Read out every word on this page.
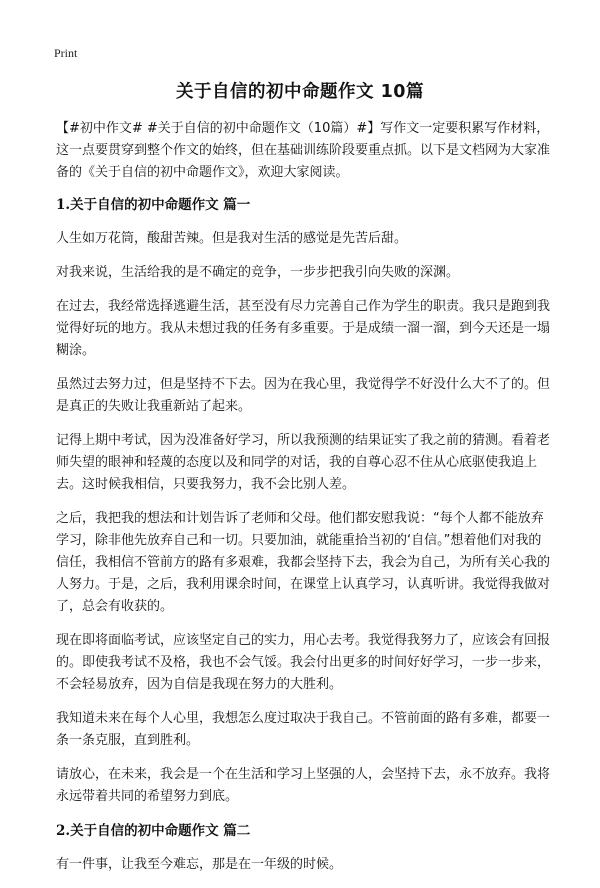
Print
关于自信的初中命题作文 10篇

【#初中作文# #关于自信的初中命题作文（10篇）#】写作文一定要积累写作材料，这一点要贯穿到整个作文的始终，但在基础训练阶段要重点抓。以下是文档网为大家准备的《关于自信的初中命题作文》，欢迎大家阅读。

1.关于自信的初中命题作文 篇一

人生如万花筒，酸甜苦辣。但是我对生活的感觉是先苦后甜。

对我来说，生活给我的是不确定的竞争，一步步把我引向失败的深渊。

在过去，我经常选择逃避生活，甚至没有尽力完善自己作为学生的职责。我只是跑到我觉得好玩的地方。我从未想过我的任务有多重要。于是成绩一溜一溜，到今天还是一塌糊涂。

虽然过去努力过，但是坚持不下去。因为在我心里，我觉得学不好没什么大不了的。但是真正的失败让我重新站了起来。

记得上期中考试，因为没准备好学习，所以我预测的结果证实了我之前的猜测。看着老师失望的眼神和轻蔑的态度以及和同学的对话，我的自尊心忍不住从心底驱使我追上去。这时候我相信，只要我努力，我不会比别人差。

之后，我把我的想法和计划告诉了老师和父母。他们都安慰我说：“每个人都不能放弃学习，除非他先放弃自己和一切。只要加油，就能重拾当初的‘自信。”想着他们对我的信任，我相信不管前方的路有多艰难，我都会坚持下去，我会为自己，为所有关心我的人努力。于是，之后，我利用课余时间，在课堂上认真学习，认真听讲。我觉得我做对了，总会有收获的。

现在即将面临考试，应该坚定自己的实力，用心去考。我觉得我努力了，应该会有回报的。即使我考试不及格，我也不会气馁。我会付出更多的时间好好学习，一步一步来，不会轻易放弃，因为自信是我现在努力的大胜利。

我知道未来在每个人心里，我想怎么度过取决于我自己。不管前面的路有多难，都要一条一条克服，直到胜利。

请放心，在未来，我会是一个在生活和学习上坚强的人，会坚持下去，永不放弃。我将永远带着共同的希望努力到底。

2.关于自信的初中命题作文 篇二

有一件事，让我至今难忘，那是在一年级的时候。
